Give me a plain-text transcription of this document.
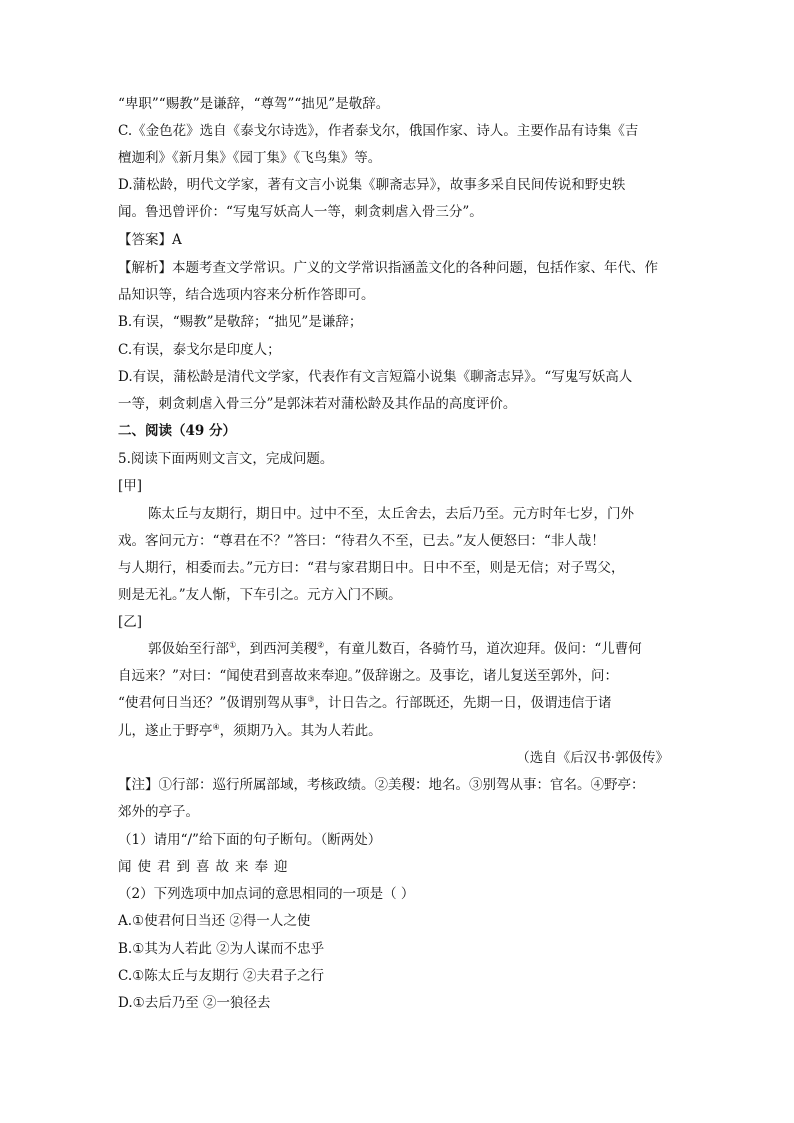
“卑职”“赐教”是谦辞，“尊驾”“拙见”是敬辞。
C.《金色花》选自《泰戈尔诗选》，作者泰戈尔，俄国作家、诗人。主要作品有诗集《吉
檀迦利》《新月集》《园丁集》《飞鸟集》等。
D.蒲松龄，明代文学家，著有文言小说集《聊斋志异》，故事多采自民间传说和野史轶
闻。鲁迅曾评价：“写鬼写妖高人一等，刺贪刺虐入骨三分”。
【答案】A
【解析】本题考查文学常识。广义的文学常识指涵盖文化的各种问题，包括作家、年代、作
品知识等，结合选项内容来分析作答即可。
B.有误，“赐教”是敬辞；“拙见”是谦辞；
C.有误，泰戈尔是印度人；
D.有误，蒲松龄是清代文学家，代表作有文言短篇小说集《聊斋志异》。“写鬼写妖高人
一等，刺贪刺虐入骨三分”是郭沫若对蒲松龄及其作品的高度评价。
二、阅读（49 分）
5.阅读下面两则文言文，完成问题。
[甲]
陈太丘与友期行，期日中。过中不至，太丘舍去，去后乃至。元方时年七岁，门外
戏。客问元方：“尊君在不？”答曰：“待君久不至，已去。”友人便怒曰：“非人哉！
与人期行，相委而去。”元方曰：“君与家君期日中。日中不至，则是无信；对子骂父，
则是无礼。”友人惭，下车引之。元方入门不顾。
[乙]
郭伋始至行部①，到西河美稷②，有童儿数百，各骑竹马，道次迎拜。伋问：“儿曹何
自远来？”对曰：“闻使君到喜故来奉迎。”伋辞谢之。及事讫，诸儿复送至郭外，问：
“使君何日当还？”伋谓别驾从事③，计日告之。行部既还，先期一日，伋谓违信于诸
儿，遂止于野亭④，须期乃入。其为人若此。
（选自《后汉书·郭伋传》
【注】①行部：巡行所属部域，考核政绩。②美稷：地名。③别驾从事：官名。④野亭：
郊外的亭子。
（1）请用“/”给下面的句子断句。（断两处）
闻使君到喜故来奉迎
（2）下列选项中加点词的意思相同的一项是（ ）
A.①使君何日当还 ②得一人之使
B.①其为人若此 ②为人谋而不忠乎
C.①陈太丘与友期行 ②夫君子之行
D.①去后乃至 ②一狼径去
